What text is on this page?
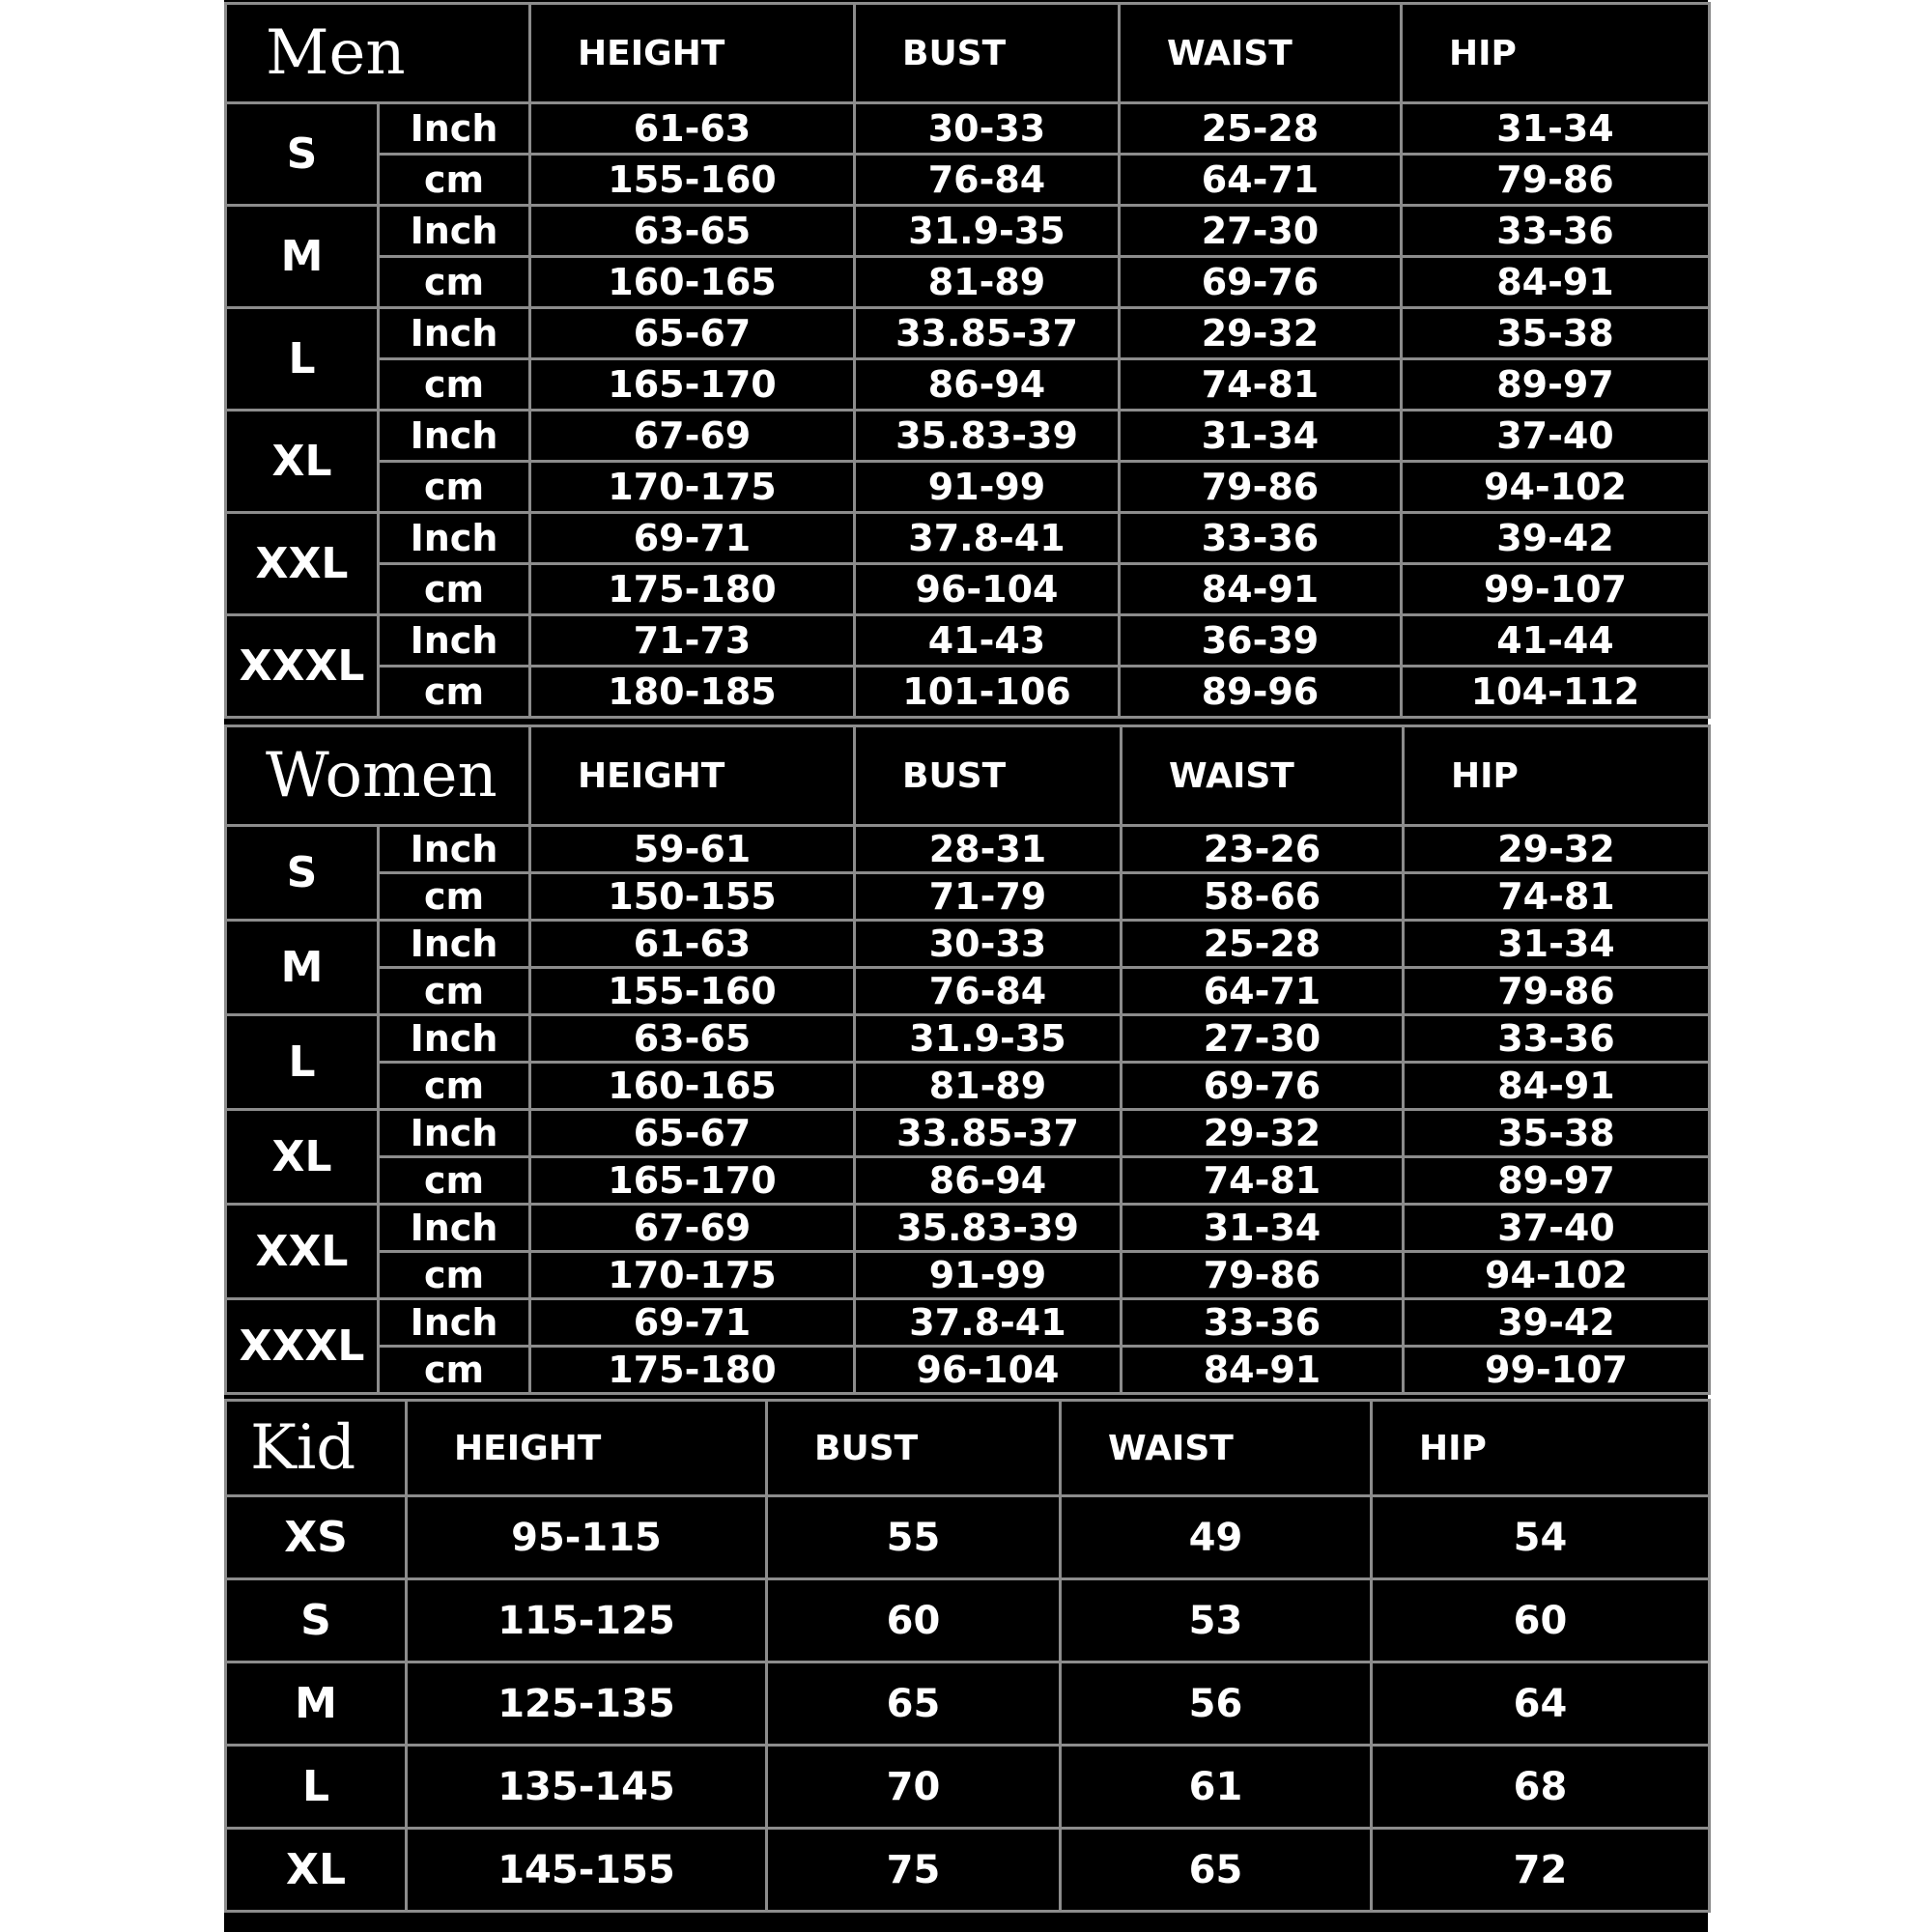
Men		HEIGHT	BUST	WAIST	HIP
S	Inch	61-63	30-33	25-28	31-34
	cm	155-160	76-84	64-71	79-86
M	Inch	63-65	31.9-35	27-30	33-36
	cm	160-165	81-89	69-76	84-91
L	Inch	65-67	33.85-37	29-32	35-38
	cm	165-170	86-94	74-81	89-97
XL	Inch	67-69	35.83-39	31-34	37-40
	cm	170-175	91-99	79-86	94-102
XXL	Inch	69-71	37.8-41	33-36	39-42
	cm	175-180	96-104	84-91	99-107
XXXL	Inch	71-73	41-43	36-39	41-44
	cm	180-185	101-106	89-96	104-112
Women		HEIGHT	BUST	WAIST	HIP
S	Inch	59-61	28-31	23-26	29-32
	cm	150-155	71-79	58-66	74-81
M	Inch	61-63	30-33	25-28	31-34
	cm	155-160	76-84	64-71	79-86
L	Inch	63-65	31.9-35	27-30	33-36
	cm	160-165	81-89	69-76	84-91
XL	Inch	65-67	33.85-37	29-32	35-38
	cm	165-170	86-94	74-81	89-97
XXL	Inch	67-69	35.83-39	31-34	37-40
	cm	170-175	91-99	79-86	94-102
XXXL	Inch	69-71	37.8-41	33-36	39-42
	cm	175-180	96-104	84-91	99-107
Kid	HEIGHT	BUST	WAIST	HIP
XS	95-115	55	49	54
S	115-125	60	53	60
M	125-135	65	56	64
L	135-145	70	61	68
XL	145-155	75	65	72
